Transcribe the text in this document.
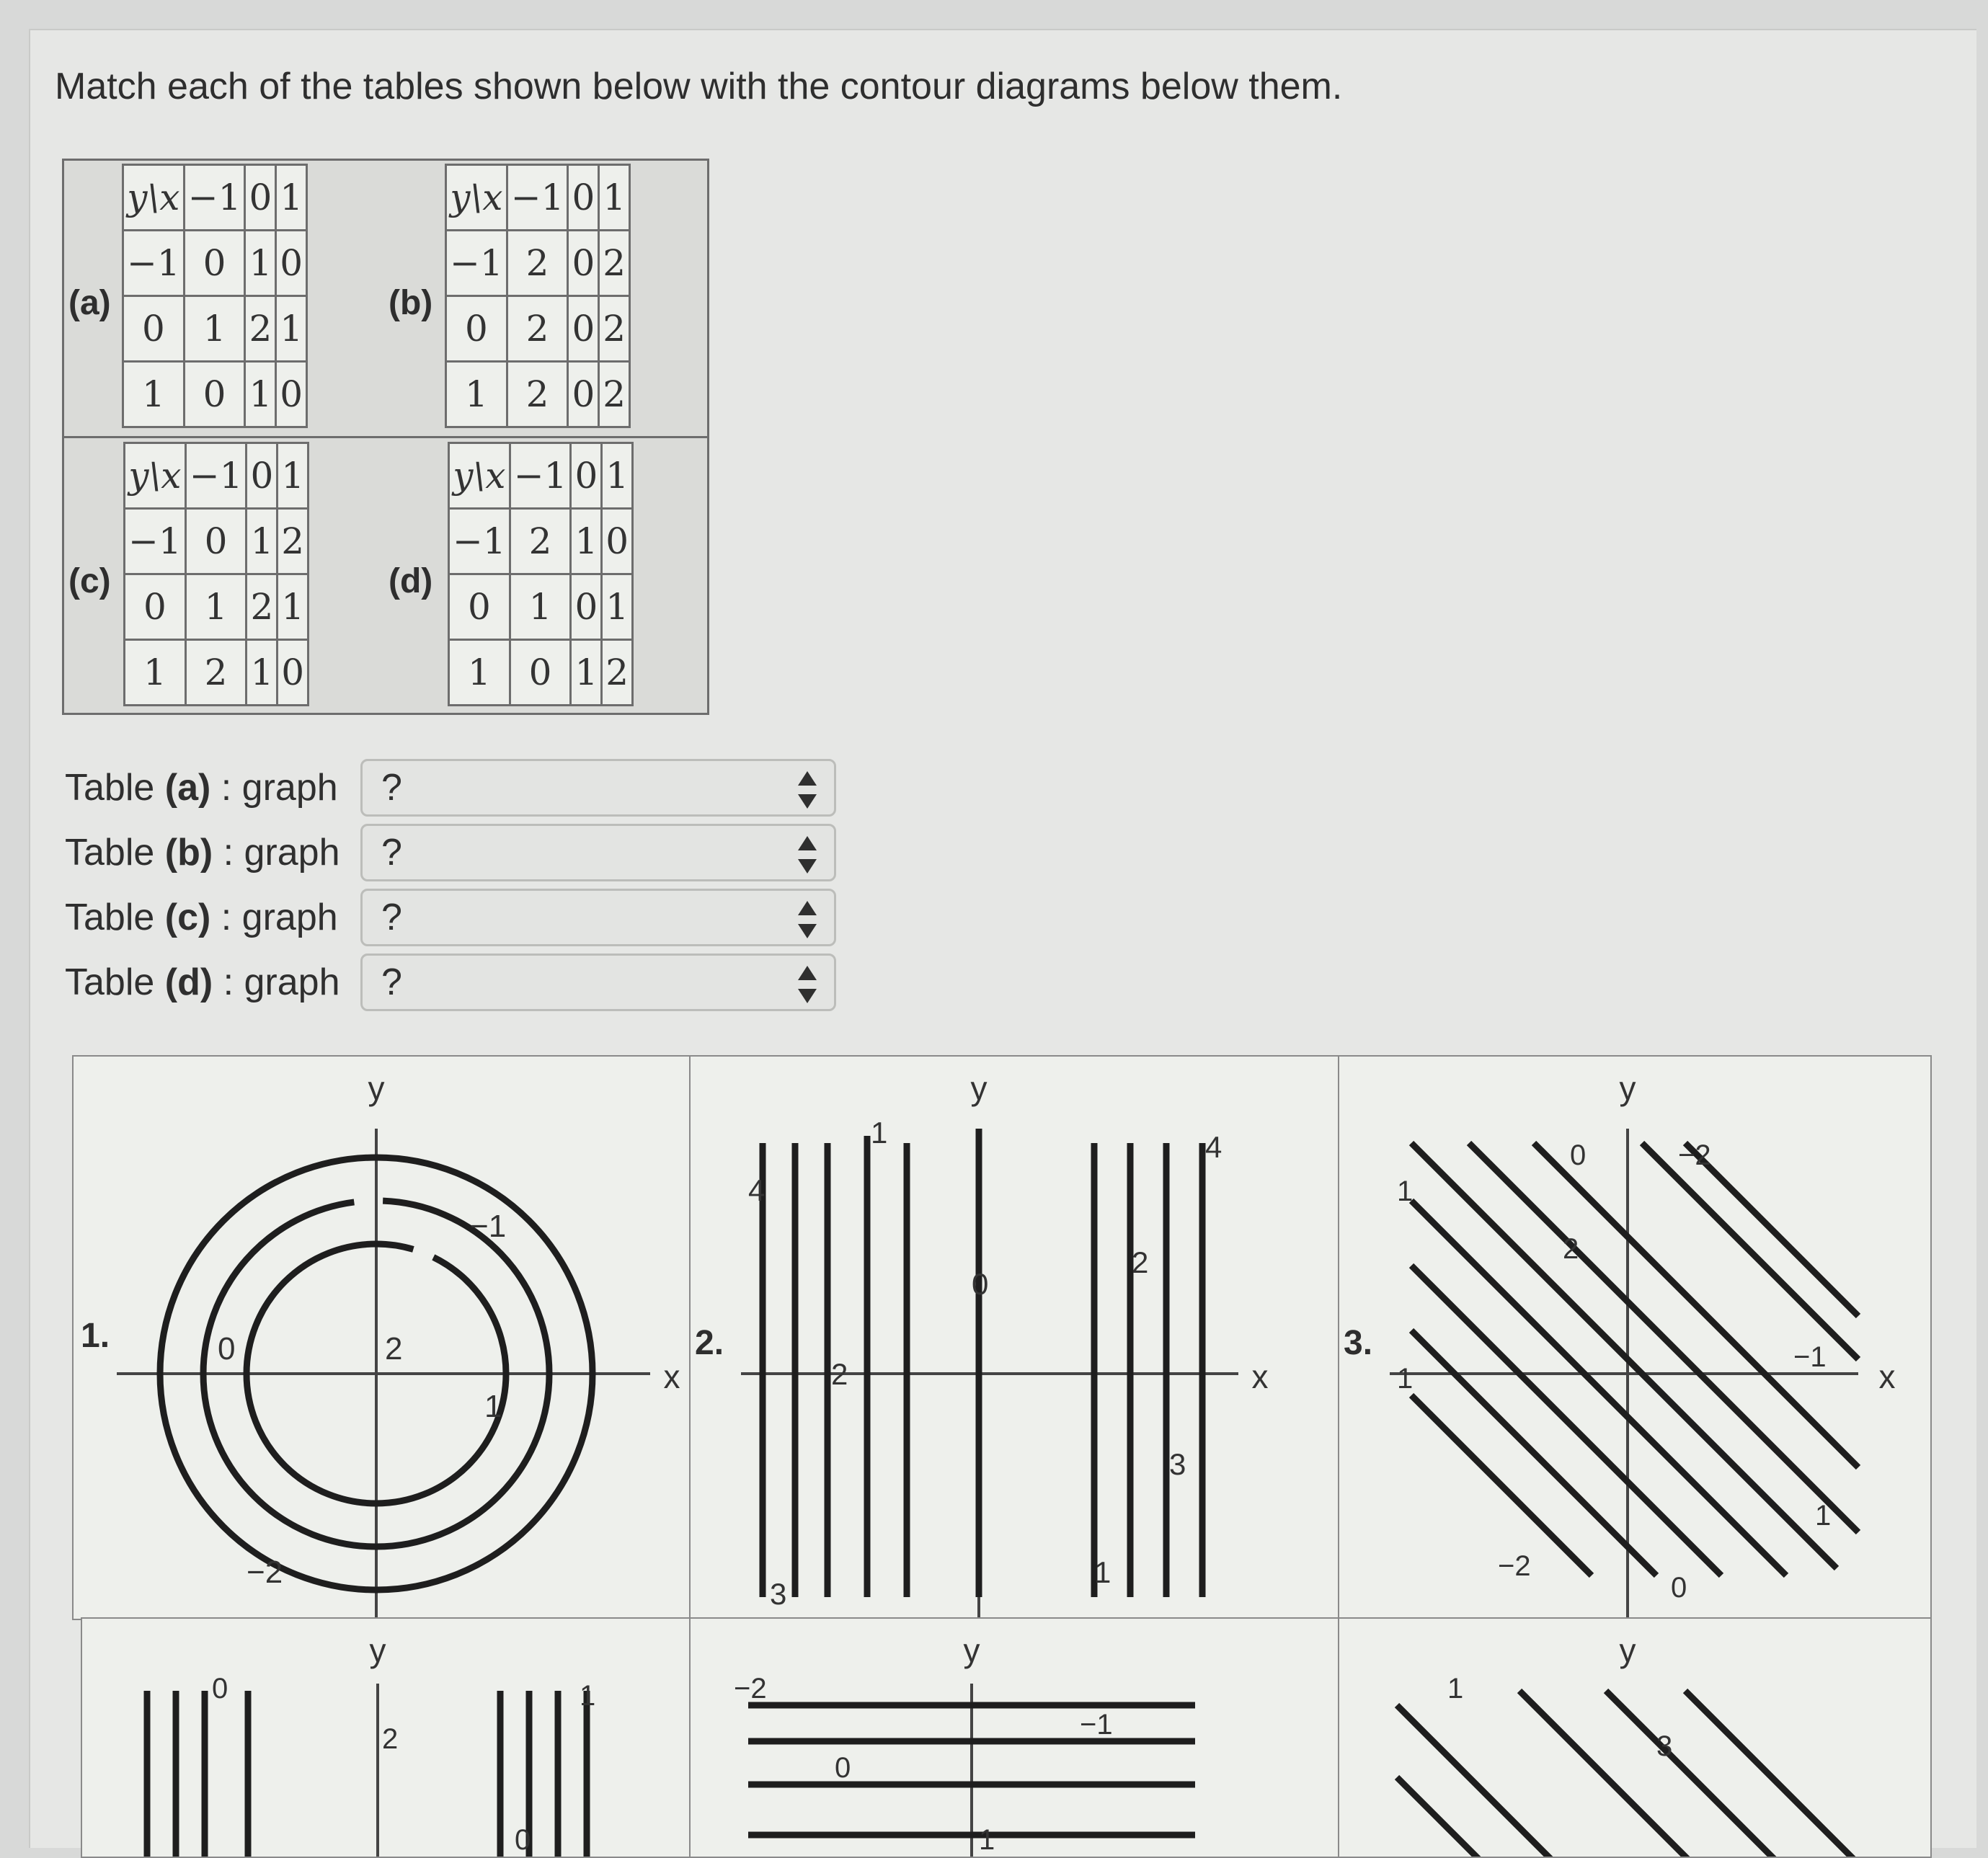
Match each of the tables shown below with the contour diagrams below them.
(a)
y\x	−1	0	1
−1	0	1	0
0	1	2	1
1	0	1	0
(b)
y\x	−1	0	1
−1	2	0	2
0	2	0	2
1	2	0	2
(c)
y\x	−1	0	1
−1	0	1	2
0	1	2	1
1	2	1	0
(d)
y\x	−1	0	1
−1	2	1	0
0	1	0	1
1	0	1	2
Table (a) : graph	?
Table (b) : graph	?
Table (c) : graph	?
Table (d) : graph	?
1.
y
x
−1
0	2
1
−2
2.
y
x
4
1
0
2
4
2
3
3
1
3.
y
x
1
0	−2
2
1
−1
1
−2
0
y
0
2
0
1
y
−2
−1
0
1
y
1
3
